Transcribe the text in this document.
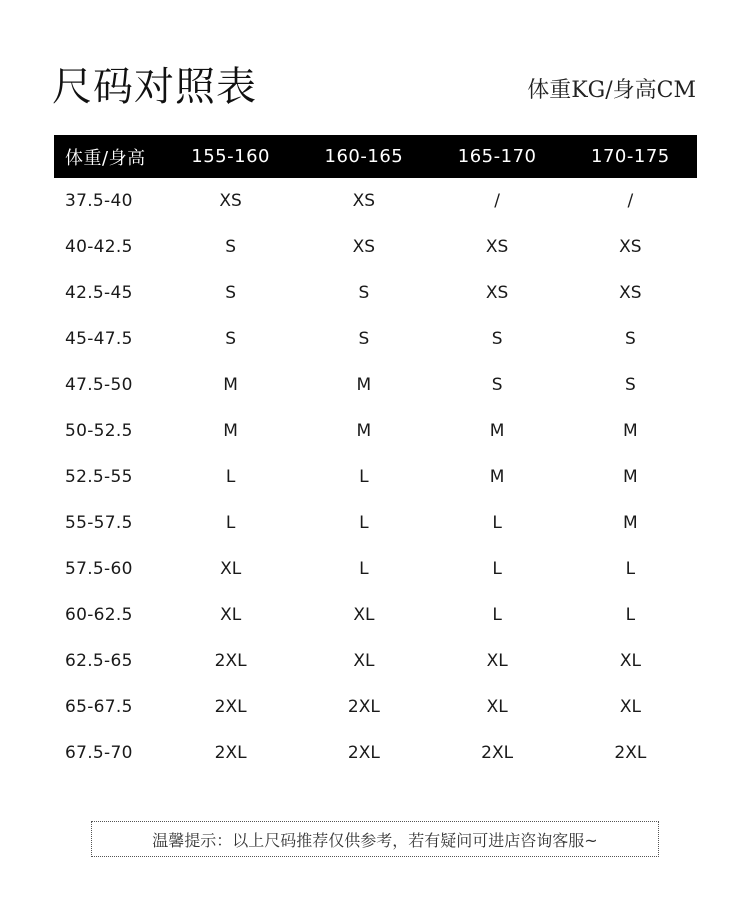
尺码对照表	体重KG/身高CM
体重/身高	155-160	160-165	165-170	170-175
37.5-40	XS	XS	/	/
40-42.5	S	XS	XS	XS
42.5-45	S	S	XS	XS
45-47.5	S	S	S	S
47.5-50	M	M	S	S
50-52.5	M	M	M	M
52.5-55	L	L	M	M
55-57.5	L	L	L	M
57.5-60	XL	L	L	L
60-62.5	XL	XL	L	L
62.5-65	2XL	XL	XL	XL
65-67.5	2XL	2XL	XL	XL
67.5-70	2XL	2XL	2XL	2XL
温馨提示：以上尺码推荐仅供参考，若有疑问可进店咨询客服~
